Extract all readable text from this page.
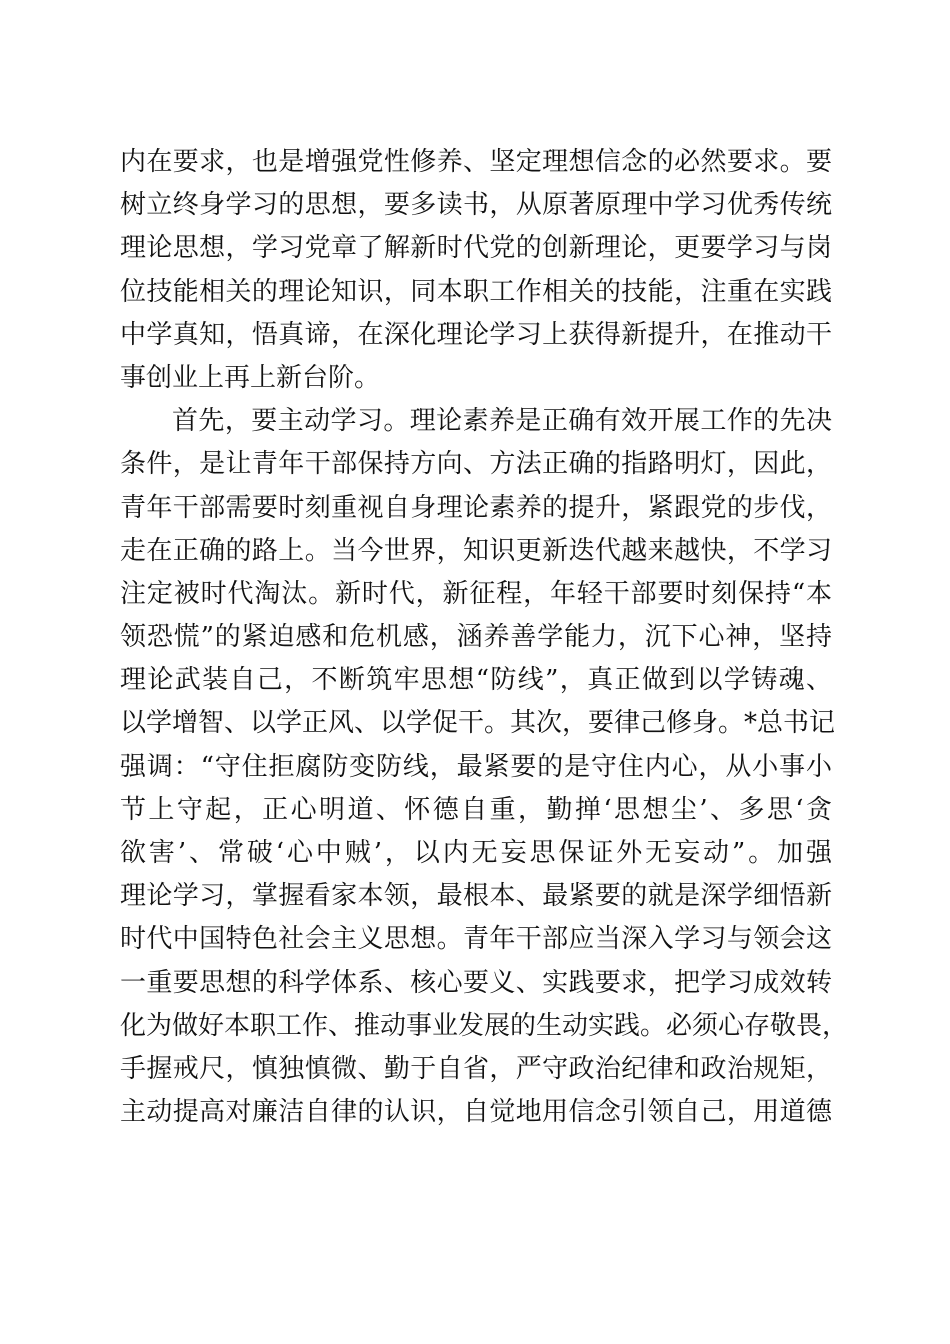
内在要求，也是增强党性修养、坚定理想信念的必然要求。要
树立终身学习的思想，要多读书，从原著原理中学习优秀传统
理论思想，学习党章了解新时代党的创新理论，更要学习与岗
位技能相关的理论知识，同本职工作相关的技能，注重在实践
中学真知，悟真谛，在深化理论学习上获得新提升，在推动干
事创业上再上新台阶。
首先，要主动学习。理论素养是正确有效开展工作的先决
条件，是让青年干部保持方向、方法正确的指路明灯，因此，
青年干部需要时刻重视自身理论素养的提升，紧跟党的步伐，
走在正确的路上。当今世界，知识更新迭代越来越快，不学习
注定被时代淘汰。新时代，新征程，年轻干部要时刻保持“本
领恐慌”的紧迫感和危机感，涵养善学能力，沉下心神，坚持
理论武装自己，不断筑牢思想“防线”，真正做到以学铸魂、
以学增智、以学正风、以学促干。其次，要律己修身。*总书记
强调：“守住拒腐防变防线，最紧要的是守住内心，从小事小
节上守起，正心明道、怀德自重，勤掸‘思想尘’、多思‘贪
欲害’、常破‘心中贼’，以内无妄思保证外无妄动”。加强
理论学习，掌握看家本领，最根本、最紧要的就是深学细悟新
时代中国特色社会主义思想。青年干部应当深入学习与领会这
一重要思想的科学体系、核心要义、实践要求，把学习成效转
化为做好本职工作、推动事业发展的生动实践。必须心存敬畏，
手握戒尺，慎独慎微、勤于自省，严守政治纪律和政治规矩，
主动提高对廉洁自律的认识，自觉地用信念引领自己，用道德
